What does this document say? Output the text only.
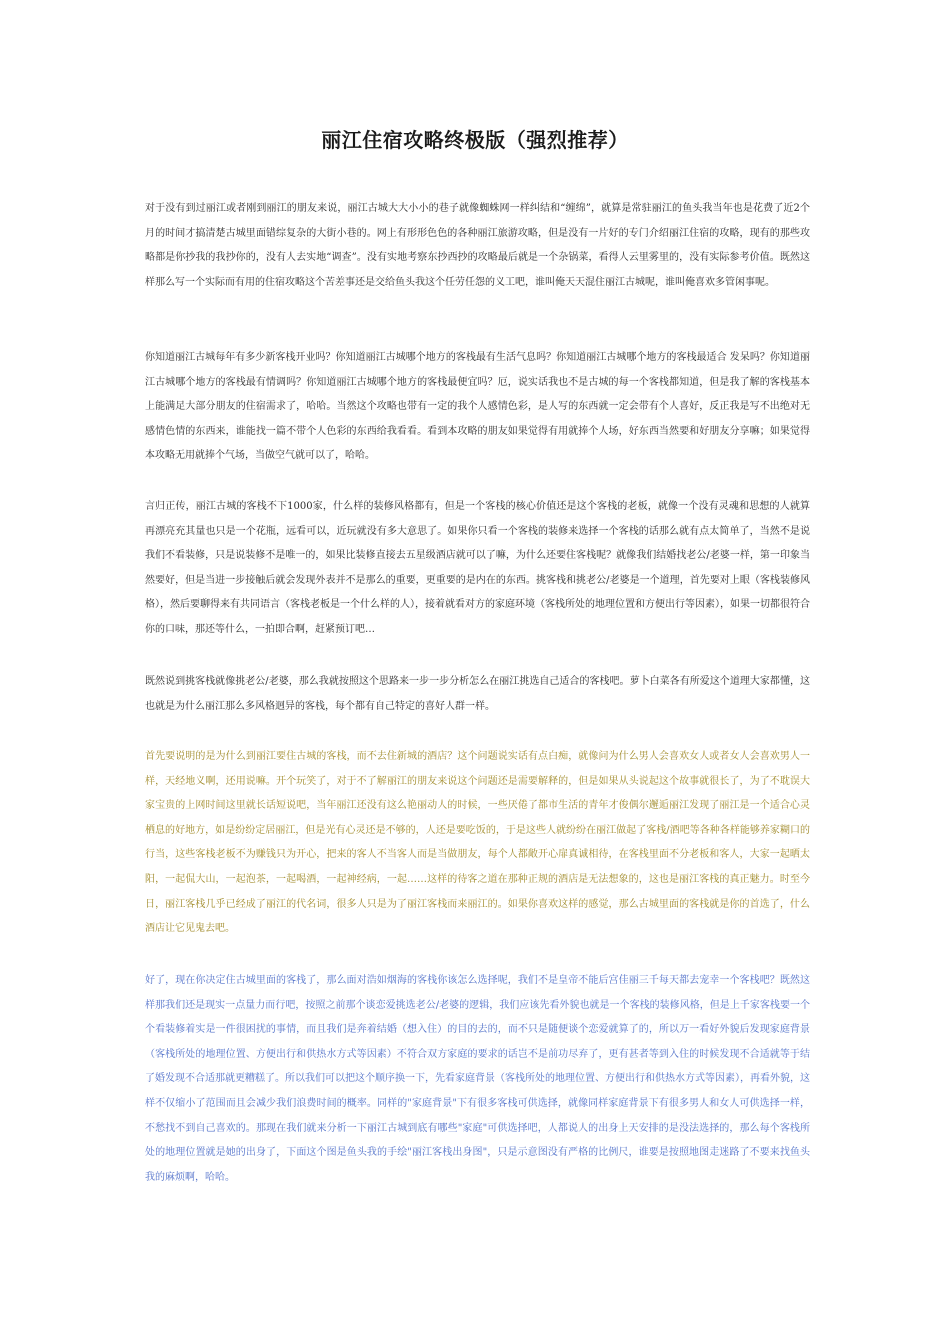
丽江住宿攻略终极版（强烈推荐）

对于没有到过丽江或者刚到丽江的朋友来说，丽江古城大大小小的巷子就像蜘蛛网一样纠结和“缠绵”，就算是常驻丽江的鱼头我当年也是花费了近2个月的时间才搞清楚古城里面错综复杂的大街小巷的。网上有形形色色的各种丽江旅游攻略，但是没有一片好的专门介绍丽江住宿的攻略，现有的那些攻略都是你抄我的我抄你的，没有人去实地“调查”。没有实地考察东抄西抄的攻略最后就是一个杂锅菜，看得人云里雾里的，没有实际参考价值。既然这样那么写一个实际而有用的住宿攻略这个苦差事还是交给鱼头我这个任劳任怨的义工吧，谁叫俺天天混住丽江古城呢，谁叫俺喜欢多管闲事呢。

你知道丽江古城每年有多少新客栈开业吗？你知道丽江古城哪个地方的客栈最有生活气息吗？你知道丽江古城哪个地方的客栈最适合 发呆吗？你知道丽江古城哪个地方的客栈最有情调吗？你知道丽江古城哪个地方的客栈最便宜吗？厄，说实话我也不是古城的每一个客栈都知道，但是我了解的客栈基本上能满足大部分朋友的住宿需求了，哈哈。当然这个攻略也带有一定的我个人感情色彩，是人写的东西就一定会带有个人喜好，反正我是写不出绝对无感情色情的东西来，谁能找一篇不带个人色彩的东西给我看看。看到本攻略的朋友如果觉得有用就捧个人场，好东西当然要和好朋友分享嘛；如果觉得本攻略无用就捧个气场，当做空气就可以了，哈哈。

言归正传，丽江古城的客栈不下1000家，什么样的装修风格都有，但是一个客栈的核心价值还是这个客栈的老板，就像一个没有灵魂和思想的人就算再漂亮充其量也只是一个花瓶，远看可以，近玩就没有多大意思了。如果你只看一个客栈的装修来选择一个客栈的话那么就有点太简单了，当然不是说我们不看装修，只是说装修不是唯一的，如果比装修直接去五星级酒店就可以了嘛，为什么还要住客栈呢？就像我们结婚找老公/老婆一样，第一印象当然要好，但是当进一步接触后就会发现外表并不是那么的重要，更重要的是内在的东西。挑客栈和挑老公/老婆是一个道理，首先要对上眼（客栈装修风格），然后要聊得来有共同语言（客栈老板是一个什么样的人），接着就看对方的家庭环境（客栈所处的地理位置和方便出行等因素），如果一切都很符合你的口味，那还等什么，一拍即合啊，赶紧预订吧…

既然说到挑客栈就像挑老公/老婆，那么我就按照这个思路来一步一步分析怎么在丽江挑选自己适合的客栈吧。萝卜白菜各有所爱这个道理大家都懂，这也就是为什么丽江那么多风格迥异的客栈，每个都有自己特定的喜好人群一样。

首先要说明的是为什么到丽江要住古城的客栈，而不去住新城的酒店？这个问题说实话有点白痴，就像问为什么男人会喜欢女人或者女人会喜欢男人一样，天经地义啊，还用说嘛。开个玩笑了，对于不了解丽江的朋友来说这个问题还是需要解释的，但是如果从头说起这个故事就很长了，为了不耽误大家宝贵的上网时间这里就长话短说吧，当年丽江还没有这么艳丽动人的时候，一些厌倦了都市生活的青年才俊偶尔邂逅丽江发现了丽江是一个适合心灵栖息的好地方，如是纷纷定居丽江，但是光有心灵还是不够的，人还是要吃饭的，于是这些人就纷纷在丽江做起了客栈/酒吧等各种各样能够养家糊口的行当，这些客栈老板不为赚钱只为开心，把来的客人不当客人而是当做朋友，每个人都敞开心扉真诚相待，在客栈里面不分老板和客人，大家一起晒太阳，一起侃大山，一起泡茶，一起喝酒，一起神经病，一起……这样的待客之道在那种正规的酒店是无法想象的，这也是丽江客栈的真正魅力。时至今日，丽江客栈几乎已经成了丽江的代名词，很多人只是为了丽江客栈而来丽江的。如果你喜欢这样的感觉，那么古城里面的客栈就是你的首选了，什么酒店让它见鬼去吧。

好了，现在你决定住古城里面的客栈了，那么面对浩如烟海的客栈你该怎么选择呢，我们不是皇帝不能后宫佳丽三千每天都去宠幸一个客栈吧？既然这样那我们还是现实一点量力而行吧，按照之前那个谈恋爱挑选老公/老婆的逻辑，我们应该先看外貌也就是一个客栈的装修风格，但是上千家客栈要一个个看装修着实是一件很困扰的事情，而且我们是奔着结婚（想入住）的目的去的，而不只是随便谈个恋爱就算了的，所以万一看好外貌后发现家庭背景（客栈所处的地理位置、方便出行和供热水方式等因素）不符合双方家庭的要求的话岂不是前功尽弃了，更有甚者等到入住的时候发现不合适就等于结了婚发现不合适那就更糟糕了。所以我们可以把这个顺序换一下，先看家庭背景（客栈所处的地理位置、方便出行和供热水方式等因素），再看外貌，这样不仅缩小了范围而且会减少我们浪费时间的概率。同样的"家庭背景"下有很多客栈可供选择，就像同样家庭背景下有很多男人和女人可供选择一样，不愁找不到自己喜欢的。那现在我们就来分析一下丽江古城到底有哪些"家庭"可供选择吧，人都说人的出身上天安排的是没法选择的，那么每个客栈所处的地理位置就是她的出身了，下面这个图是鱼头我的手绘"丽江客栈出身图"，只是示意图没有严格的比例尺，谁要是按照地图走迷路了不要来找鱼头我的麻烦啊，哈哈。
